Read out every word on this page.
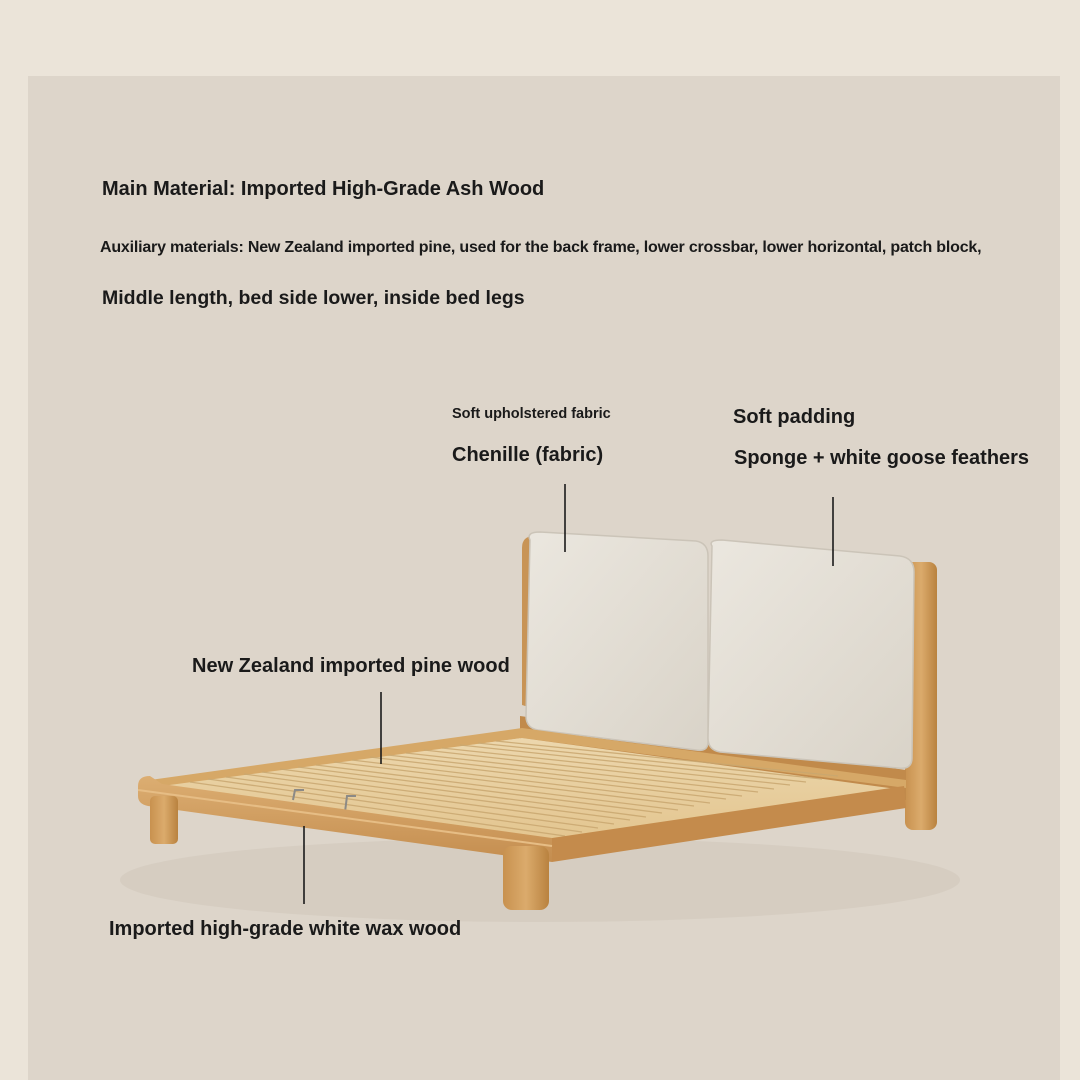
Main Material: Imported High-Grade Ash Wood
Auxiliary materials: New Zealand imported pine, used for the back frame, lower crossbar, lower horizontal, patch block,
Middle length, bed side lower, inside bed legs
Soft upholstered fabric
Chenille (fabric)
Soft padding
Sponge + white goose feathers
New Zealand imported pine wood
Imported high-grade white wax wood
